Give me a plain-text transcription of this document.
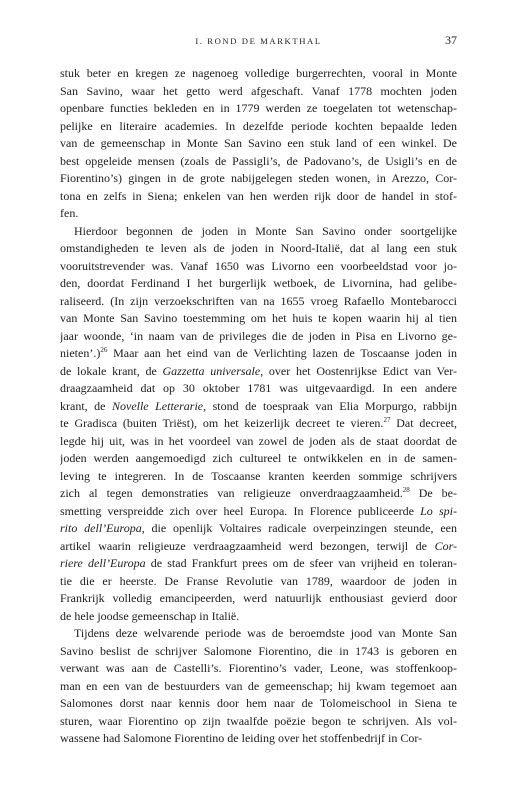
I. ROND DE MARKTHAL	37

stuk beter en kregen ze nagenoeg volledige burgerrechten, vooral in Monte
San Savino, waar het getto werd afgeschaft. Vanaf 1778 mochten joden
openbare functies bekleden en in 1779 werden ze toegelaten tot wetenschap-
pelijke en literaire academies. In dezelfde periode kochten bepaalde leden
van de gemeenschap in Monte San Savino een stuk land of een winkel. De
best opgeleide mensen (zoals de Passigli’s, de Padovano’s, de Usigli’s en de
Fiorentino’s) gingen in de grote nabijgelegen steden wonen, in Arezzo, Cor-
tona en zelfs in Siena; enkelen van hen werden rijk door de handel in stof-
fen.

Hierdoor begonnen de joden in Monte San Savino onder soortgelijke
omstandigheden te leven als de joden in Noord-Italië, dat al lang een stuk
vooruitstrevender was. Vanaf 1650 was Livorno een voorbeeldstad voor jo-
den, doordat Ferdinand I het burgerlijk wetboek, de Livornina, had gelibe-
raliseerd. (In zijn verzoekschriften van na 1655 vroeg Rafaello Montebarocci
van Monte San Savino toestemming om het huis te kopen waarin hij al tien
jaar woonde, ‘in naam van de privileges die de joden in Pisa en Livorno ge-
nieten’.)$^{26}$ Maar aan het eind van de Verlichting lazen de Toscaanse joden in
de lokale krant, de Gazzetta universale, over het Oostenrijkse Edict van Ver-
draagzaamheid dat op 30 oktober 1781 was uitgevaardigd. In een andere
krant, de Novelle Letterarie, stond de toespraak van Elia Morpurgo, rabbijn
te Gradisca (buiten Triëst), om het keizerlijk decreet te vieren.$^{27}$ Dat decreet,
legde hij uit, was in het voordeel van zowel de joden als de staat doordat de
joden werden aangemoedigd zich cultureel te ontwikkelen en in de samen-
leving te integreren. In de Toscaanse kranten keerden sommige schrijvers
zich al tegen demonstraties van religieuze onverdraagzaamheid.$^{28}$ De be-
smetting verspreidde zich over heel Europa. In Florence publiceerde Lo spi-
rito dell’Europa, die openlijk Voltaires radicale overpeinzingen steunde, een
artikel waarin religieuze verdraagzaamheid werd bezongen, terwijl de Cor-
riere dell’Europa de stad Frankfurt prees om de sfeer van vrijheid en toleran-
tie die er heerste. De Franse Revolutie van 1789, waardoor de joden in
Frankrijk volledig emancipeerden, werd natuurlijk enthousiast gevierd door
de hele joodse gemeenschap in Italië.

Tijdens deze welvarende periode was de beroemdste jood van Monte San
Savino beslist de schrijver Salomone Fiorentino, die in 1743 is geboren en
verwant was aan de Castelli’s. Fiorentino’s vader, Leone, was stoffenkoop-
man en een van de bestuurders van de gemeenschap; hij kwam tegemoet aan
Salomones dorst naar kennis door hem naar de Tolomeischool in Siena te
sturen, waar Fiorentino op zijn twaalfde poëzie begon te schrijven. Als vol-
wassene had Salomone Fiorentino de leiding over het stoffenbedrijf in Cor-
